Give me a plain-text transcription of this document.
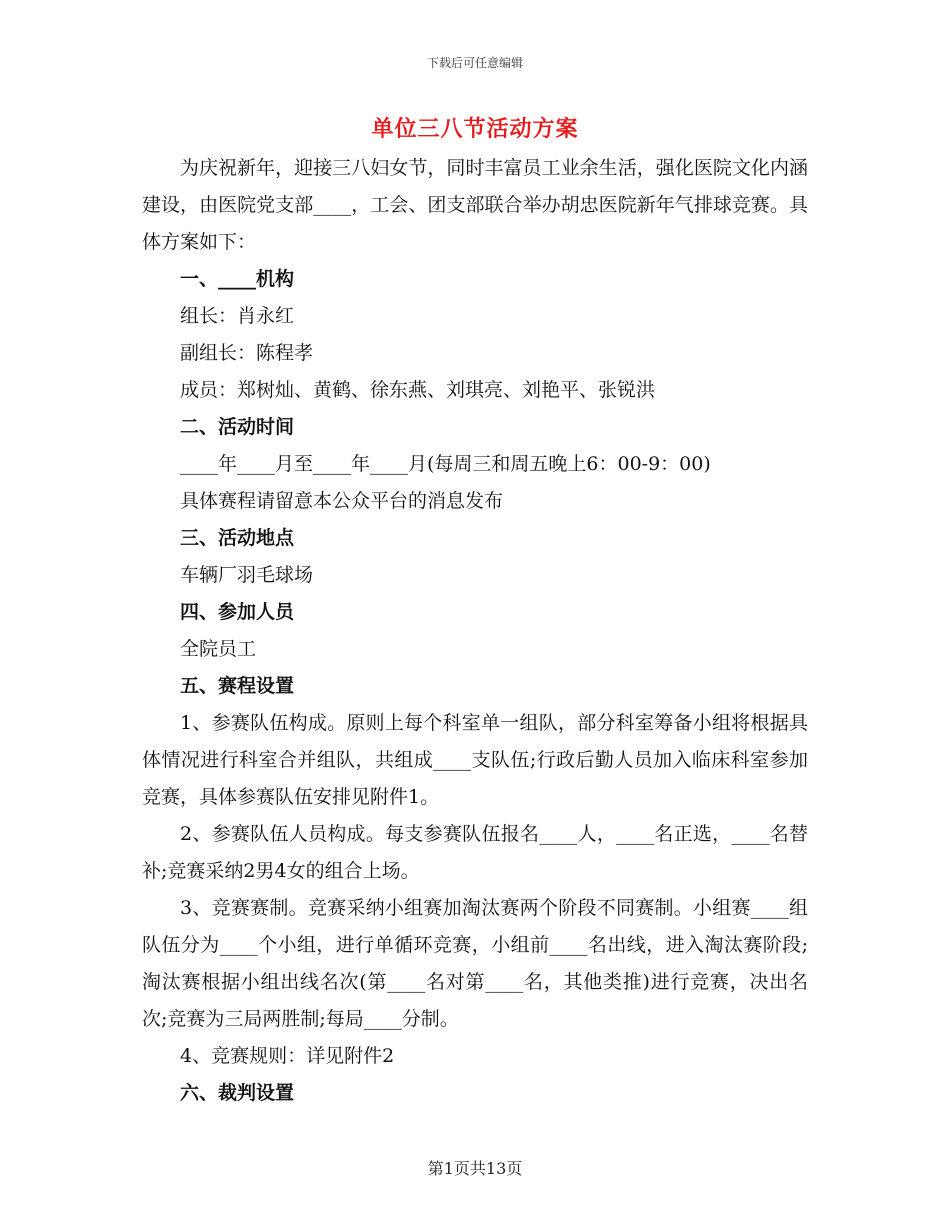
下载后可任意编辑
单位三八节活动方案

为庆祝新年，迎接三八妇女节，同时丰富员工业余生活，强化医院文化内涵建设，由医院党支部____，工会、团支部联合举办胡忠医院新年气排球竞赛。具体方案如下：

一、____机构

组长：肖永红

副组长：陈程孝

成员：郑树灿、黄鹤、徐东燕、刘琪亮、刘艳平、张锐洪

二、活动时间

____年____月至____年____月(每周三和周五晚上6：00-9：00)

具体赛程请留意本公众平台的消息发布

三、活动地点

车辆厂羽毛球场

四、参加人员

全院员工

五、赛程设置

1、参赛队伍构成。原则上每个科室单一组队，部分科室筹备小组将根据具体情况进行科室合并组队，共组成____支队伍;行政后勤人员加入临床科室参加竞赛，具体参赛队伍安排见附件1。

2、参赛队伍人员构成。每支参赛队伍报名____人，____名正选，____名替补;竞赛采纳2男4女的组合上场。

3、竞赛赛制。竞赛采纳小组赛加淘汰赛两个阶段不同赛制。小组赛____组队伍分为____个小组，进行单循环竞赛，小组前____名出线，进入淘汰赛阶段;淘汰赛根据小组出线名次(第____名对第____名，其他类推)进行竞赛，决出名次;竞赛为三局两胜制;每局____分制。

4、竞赛规则：详见附件2

六、裁判设置

第1页共13页
